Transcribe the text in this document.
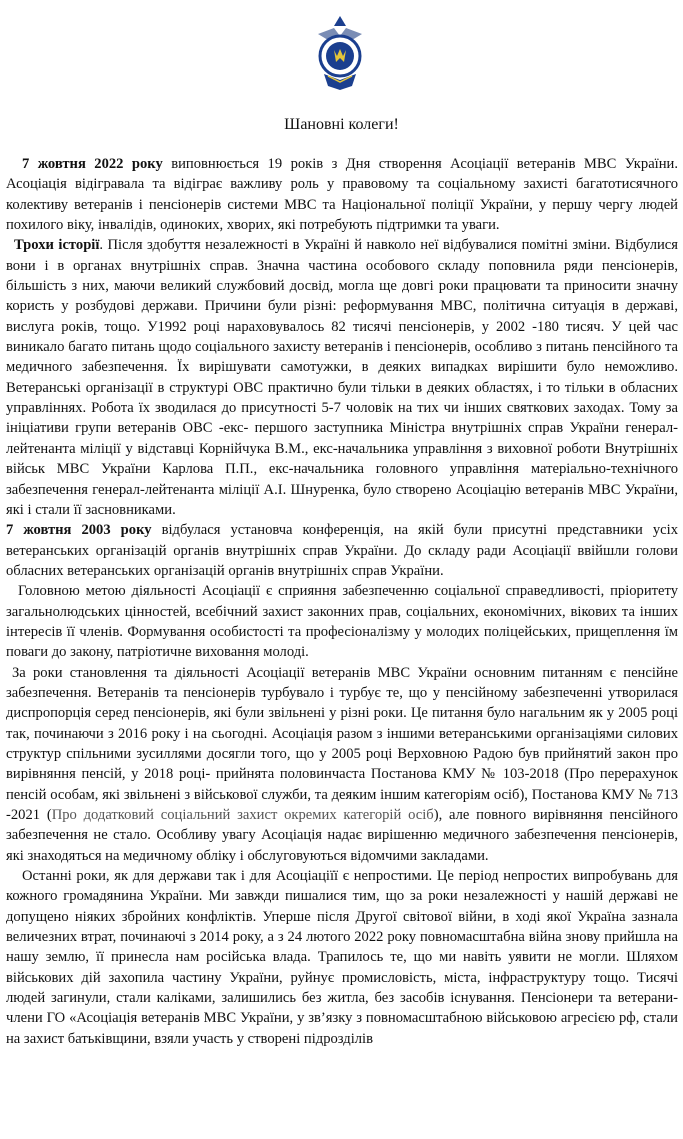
Шановні колеги!

7 жовтня 2022 року виповнюється 19 років з Дня створення Асоціації ветеранів МВС України. Асоціація відігравала та відіграє важливу роль у правовому та соціальному захисті багатотисячного колективу ветеранів і пенсіонерів системи МВС та Національної поліції України, у першу чергу людей похилого віку, інвалідів, одиноких, хворих, які потребують підтримки та уваги.

Трохи історії. Після здобуття незалежності в Україні й навколо неї відбувалися помітні зміни. Відбулися вони і в органах внутрішніх справ. Значна частина особового складу поповнила ряди пенсіонерів, більшість з них, маючи великий службовий досвід, могла ще довгі роки працювати та приносити значну користь у розбудові держави. Причини були різні: реформування МВС, політична ситуація в державі, вислуга років, тощо. У1992 році нараховувалось 82 тисячі пенсіонерів, у 2002 -180 тисяч. У цей час виникало багато питань щодо соціального захисту ветеранів і пенсіонерів, особливо з питань пенсійного та медичного забезпечення. Їх вирішувати самотужки, в деяких випадках вирішити було неможливо. Ветеранські організації в структурі ОВС практично були тільки в деяких областях, і то тільки в обласних управліннях. Робота їх зводилася до присутності 5-7 чоловік на тих чи інших святкових заходах. Тому за ініціативи групи ветеранів ОВС -екс- першого заступника Міністра внутрішніх справ України генерал-лейтенанта міліції у відставці Корнійчука В.М., екс-начальника управління з виховної роботи Внутрішніх військ МВС України Карлова П.П., екс-начальника головного управління матеріально-технічного забезпечення генерал-лейтенанта міліції А.І. Шнуренка, було створено Асоціацію ветеранів МВС України, які і стали її засновниками.

7 жовтня 2003 року відбулася установча конференція, на якій були присутні представники усіх ветеранських організацій органів внутрішніх справ України. До складу ради Асоціації ввійшли голови обласних ветеранських організацій органів внутрішніх справ України.

Головною метою діяльності Асоціації є сприяння забезпеченню соціальної справедливості, пріоритету загальнолюдських цінностей, всебічний захист законних прав, соціальних, економічних, вікових та інших інтересів її членів. Формування особистості та професіоналізму у молодих поліцейських, прищеплення їм поваги до закону, патріотичне виховання молоді.

За роки становлення та діяльності Асоціації ветеранів МВС України основним питанням є пенсійне забезпечення. Ветеранів та пенсіонерів турбувало і турбує те, що у пенсійному забезпеченні утворилася диспропорція серед пенсіонерів, які були звільнені у різні роки. Це питання було нагальним як у 2005 році так, починаючи з 2016 року і на сьогодні. Асоціація разом з іншими ветеранськими організаціями силових структур спільними зусиллями досягли того, що у 2005 році Верховною Радою був прийнятий закон про вирівняння пенсій, у 2018 році- прийнята половинчаста Постанова КМУ № 103-2018 (Про перерахунок пенсій особам, які звільнені з військової служби, та деяким іншим категоріям осіб), Постанова КМУ № 713 -2021 (Про додатковий соціальний захист окремих категорій осіб), але повного вирівняння пенсійного забезпечення не стало. Особливу увагу Асоціація надає вирішенню медичного забезпечення пенсіонерів, які знаходяться на медичному обліку і обслуговуються відомчими закладами.

Останні роки, як для держави так і для Асоціаціїї є непростими. Це період непростих випробувань для кожного громадянина України. Ми завжди пишалися тим, що за роки незалежності у нашій державі не допущено ніяких збройних конфліктів. Уперше після Другої світової війни, в ході якої Україна зазнала величезних втрат, починаючі з 2014 року, а з 24 лютого 2022 року повномасштабна війна знову прийшла на нашу землю, її принесла нам російська влада. Трапилось те, що ми навіть уявити не могли. Шляхом військових дій захопила частину України, руйнує промисловість, міста, інфраструктуру тощо. Тисячі людей загинули, стали каліками, залишились без житла, без засобів існування. Пенсіонери та ветерани- члени ГО «Асоціація ветеранів МВС України, у зв’язку з повномасштабною військовою агресією рф, стали на захист батьківщини, взяли участь у створені підрозділів
